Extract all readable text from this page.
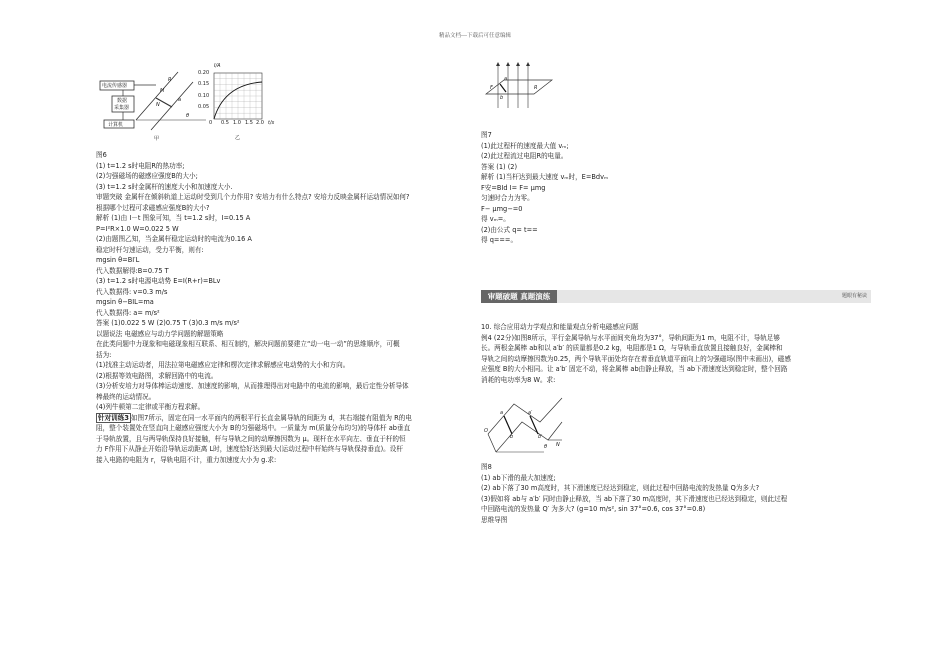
精品文档---下载后可任意编辑
电流传感器
数据
采集器
计算机
M
R
N
θ
a
I/A
0.20
0.15
0.10
0.05
0 0.5 1.0 1.5 2.0 t/s
甲	乙

图6

(1) t=1.2 s时电阻R的热功率;

(2)匀强磁场的磁感应强度B的大小;

(3) t=1.2 s时金属杆的速度大小和加速度大小.

审题突破 金属杆在倾斜轨道上运动时受到几个力作用? 安培力有什么特点? 安培力反映金属杆运动情况如何?

根据哪个过程可求磁感应强度B的大小?

解析 (1)由 I－t 图象可知，当 t=1.2 s时，I=0.15 A

P=I²R×1.0 W=0.022 5 W

(2)由题图乙知，当金属杆稳定运动时的电流为0.16 A

稳定时杆匀速运动，受力平衡，则有:

mgsin θ=BI′L

代入数据解得:B=0.75 T

(3) t=1.2 s时电源电动势 E=I(R+r)=BLv

代入数据得: v=0.3 m/s

mgsin θ−BIL=ma

代入数据得: a= m/s²

答案 (1)0.022 5 W (2)0.75 T (3)0.3 m/s m/s²

以题说法 电磁感应与动力学问题的解题策略

在此类问题中力现象和电磁现象相互联系、相互制约，解决问题前要建立“动一电一动”的思维顺序，可概

括为:

(1)找准主动运动者，用法拉第电磁感应定律和楞次定律求解感应电动势的大小和方向。

(2)根据等效电路图，求解回路中的电流。

(3)分析安培力对导体棒运动速度、加速度的影响，从而推理得出对电路中的电流的影响，最后定性分析导体

棒最终的运动情况。

(4)列牛顿第二定律或平衡方程求解。

针对训练3 如图7所示，固定在同一水平面内的两根平行长直金属导轨的间距为 d，其右端接有阻值为 R的电

阻，整个装置处在竖直向上磁感应强度大小为 B的匀强磁场中。一质量为 m(质量分布均匀)的导体杆 ab垂直

于导轨放置，且与两导轨保持良好接触，杆与导轨之间的动摩擦因数为 μ。现杆在水平向左、垂直于杆的恒

力 F作用下从静止开始沿导轨运动距离 L时，速度恰好达到最大(运动过程中杆始终与导轨保持垂直)。设杆

接入电路的电阻为 r，导轨电阻不计，重力加速度大小为 g.求:

a
b
F	R

图7

(1)此过程杆的速度最大值 vₘ;

(2)此过程流过电阻R的电量。

答案 (1) (2)

解析 (1)当杆达到最大速度 vₘ时，E=Bdvₘ

F安=BId I= F= μmg

匀速时合力为零。

F− μmg−=0

得 vₘ=。

(2)由公式 q= t==

得 q===。

审题破题 真题演练	题眼有秘诀

10. 综合应用动力学观点和能量观点分析电磁感应问题

例4 (22分)如图8所示，平行金属导轨与水平面间夹角均为37°，导轨间距为1 m，电阻不计，导轨足够

长。两根金属棒 ab和以 a′b′ 的质量都是0.2 kg，电阻都是1 Ω，与导轨垂直放置且接触良好，金属棒和

导轨之间的动摩擦因数为0.25，两个导轨平面处均存在着垂直轨道平面向上的匀强磁场(图中未画出)，磁感

应强度 B的大小相同。让 a′b′ 固定不动，将金属棒 ab由静止释放，当 ab下滑速度达到稳定时，整个回路

消耗的电功率为8 W。求:

O
a
b
a′
b′
N
θ

图8

(1) ab下滑的最大加速度;

(2) ab下落了30 m高度时，其下滑速度已经达到稳定，则此过程中回路电流的发热量 Q为多大?

(3)假如将 ab与 a′b′ 同时由静止释放，当 ab下落了30 m高度时，其下滑速度也已经达到稳定，则此过程

中回路电流的发热量 Q′ 为多大? (g=10 m/s², sin 37°=0.6, cos 37°=0.8)

思维导图
